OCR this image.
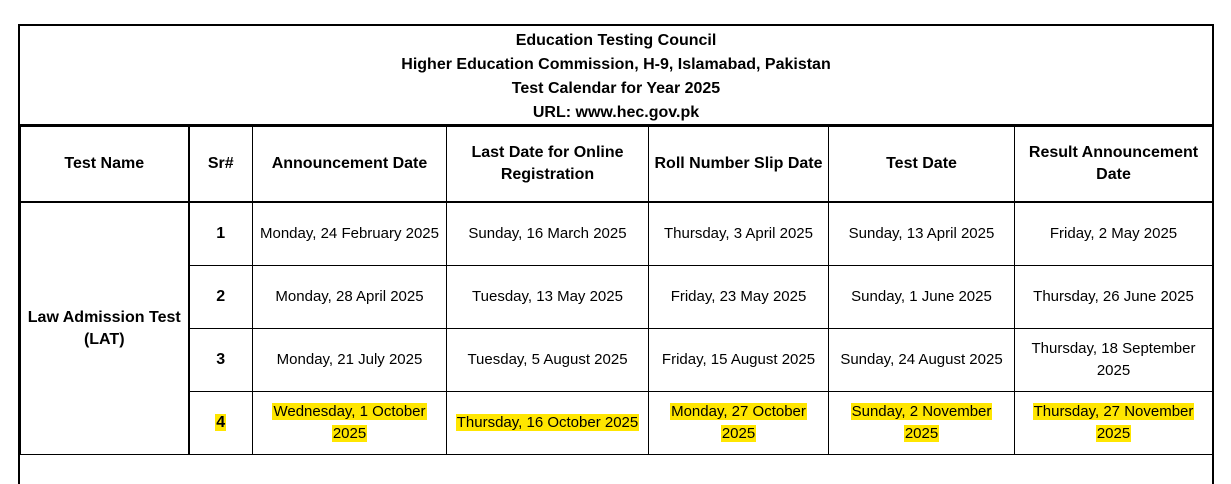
Education Testing Council
Higher Education Commission, H-9, Islamabad, Pakistan
Test Calendar for Year 2025
URL: www.hec.gov.pk
Test Name	Sr#	Announcement Date	Last Date for Online Registration	Roll Number Slip Date	Test Date	Result Announcement Date
Law Admission Test (LAT)	1	Monday, 24 February 2025	Sunday, 16 March 2025	Thursday, 3 April 2025	Sunday, 13 April 2025	Friday, 2 May 2025
	2	Monday, 28 April 2025	Tuesday, 13 May 2025	Friday, 23 May 2025	Sunday, 1 June 2025	Thursday, 26 June 2025
	3	Monday, 21 July 2025	Tuesday, 5 August 2025	Friday, 15 August 2025	Sunday, 24 August 2025	Thursday, 18 September 2025
	4	Wednesday, 1 October 2025	Thursday, 16 October 2025	Monday, 27 October 2025	Sunday, 2 November 2025	Thursday, 27 November 2025
